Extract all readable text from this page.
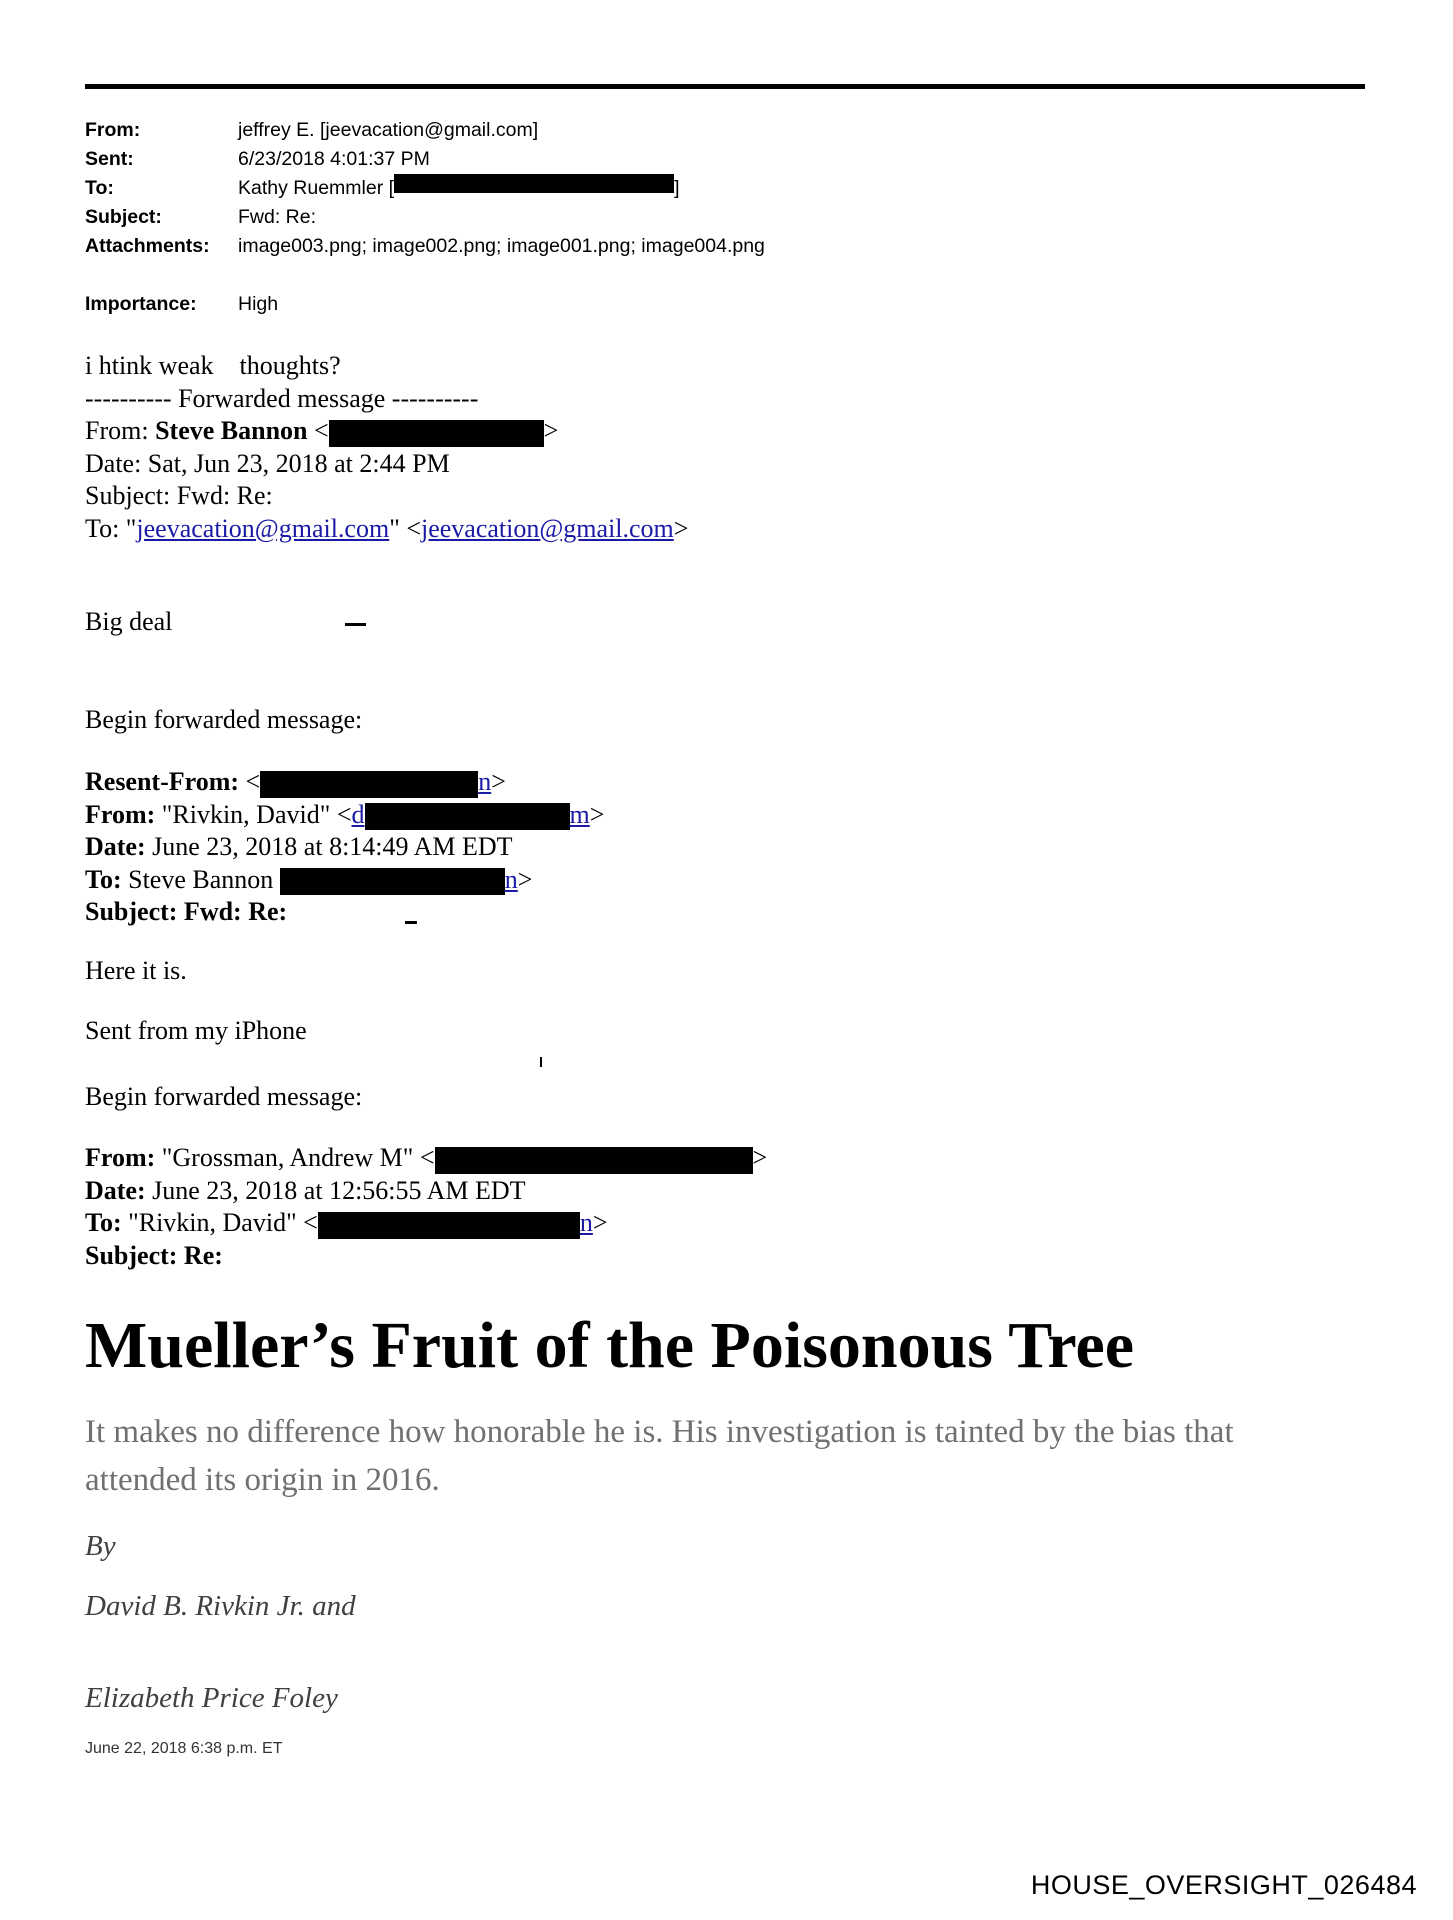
From:	jeffrey E. [jeevacation@gmail.com]
Sent:	6/23/2018 4:01:37 PM
To:	Kathy Ruemmler [	]
Subject:	Fwd: Re:
Attachments:	image003.png; image002.png; image001.png; image004.png
Importance:	High
i htink weak    thoughts?
---------- Forwarded message ----------
From: Steve Bannon <	>
Date: Sat, Jun 23, 2018 at 2:44 PM
Subject: Fwd: Re:
To: "jeevacation@gmail.com" <jeevacation@gmail.com>
Big deal
Begin forwarded message:
Resent-From: <	n>
From: "Rivkin, David" <d	m>
Date: June 23, 2018 at 8:14:49 AM EDT
To: Steve Bannon	n>
Subject: Fwd: Re:
Here it is.
Sent from my iPhone
Begin forwarded message:
From: "Grossman, Andrew M" <	>
Date: June 23, 2018 at 12:56:55 AM EDT
To: "Rivkin, David" <	n>
Subject: Re:
Mueller’s Fruit of the Poisonous Tree
It makes no difference how honorable he is. His investigation is tainted by the bias that attended its origin in 2016.
By
David B. Rivkin Jr. and
Elizabeth Price Foley
June 22, 2018 6:38 p.m. ET
HOUSE_OVERSIGHT_026484
